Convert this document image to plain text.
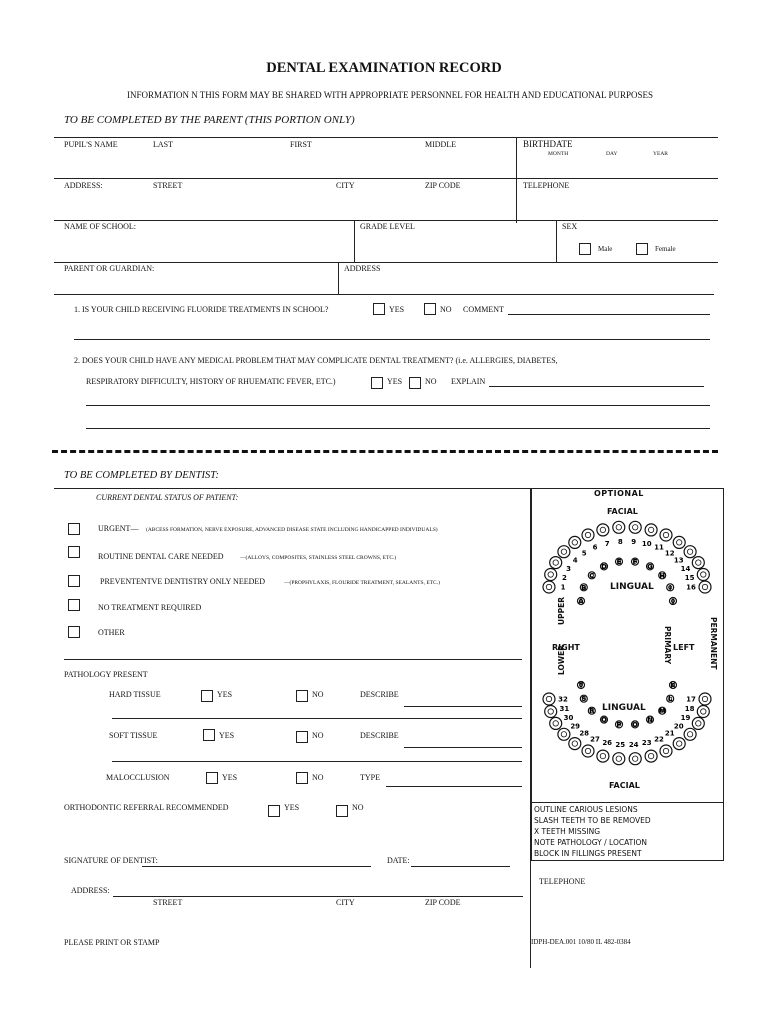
DENTAL EXAMINATION RECORD
INFORMATION N THIS FORM MAY BE SHARED WITH APPROPRIATE PERSONNEL FOR HEALTH AND EDUCATIONAL PURPOSES
TO BE COMPLETED BY THE PARENT (THIS PORTION ONLY)
PUPIL'S NAME	LAST	FIRST	MIDDLE	BIRTHDATE
MONTH	DAY	YEAR
ADDRESS:	STREET	CITY	ZIP CODE	TELEPHONE
NAME OF SCHOOL:	GRADE LEVEL	SEX
Male	Female
PARENT OR GUARDIAN:	ADDRESS
1. IS YOUR CHILD RECEIVING FLUORIDE TREATMENTS IN SCHOOL?	YES	NO COMMENT
2. DOES YOUR CHILD HAVE ANY MEDICAL PROBLEM THAT MAY COMPLICATE DENTAL TREATMENT? (i.e. ALLERGIES, DIABETES,
RESPIRATORY DIFFICULTY, HISTORY OF RHUEMATIC FEVER, ETC.)	YES	NO EXPLAIN
TO BE COMPLETED BY DENTIST:
CURRENT DENTAL STATUS OF PATIENT:
URGENT— (ABCESS FORMATION, NERVE EXPOSURE, ADVANCED DISEASE STATE INCLUDING HANDICAPPED INDIVIDUALS)
ROUTINE DENTAL CARE NEEDED	—(ALLOYS, COMPOSITES, STAINLESS STEEL CROWNS, ETC.)
PREVENTENTVE DENTISTRY ONLY NEEDED	—(PROPHYLAXIS, FLOURIDE TREATMENT, SEALANTS, ETC.)
NO TREATMENT REQUIRED
OTHER
PATHOLOGY PRESENT
HARD TISSUE	YES	NO	DESCRIBE
SOFT TISSUE	YES	NO	DESCRIBE
MALOCCLUSION	YES	NO	TYPE
ORTHODONTIC REFERRAL RECOMMENDED	YES	NO
SIGNATURE OF DENTIST:	DATE:
TELEPHONE
ADDRESS:
STREET	CITY	ZIP CODE
PLEASE PRINT OR STAMP	IDPH-DEA.001 10/80 IL 482-0384
1
2
3
4
5
6 7 8 9 10 11
12
13
14
15
16
17
18
19
20
21
22
23
24
25
26
27
28
29
30
31
32
A
B
C
D
E F
G
H
I
J
K
L
M
N
O
P
Q
R
S
T
OPTIONAL
FACIAL
LINGUAL
RIGHT	LEFT
UPPER
LOWER	PRIMARY	PERMANENT
LINGUAL
FACIAL
OUTLINE CARIOUS LESIONS
SLASH TEETH TO BE REMOVED
X TEETH MISSING
NOTE PATHOLOGY / LOCATION
BLOCK IN FILLINGS PRESENT
